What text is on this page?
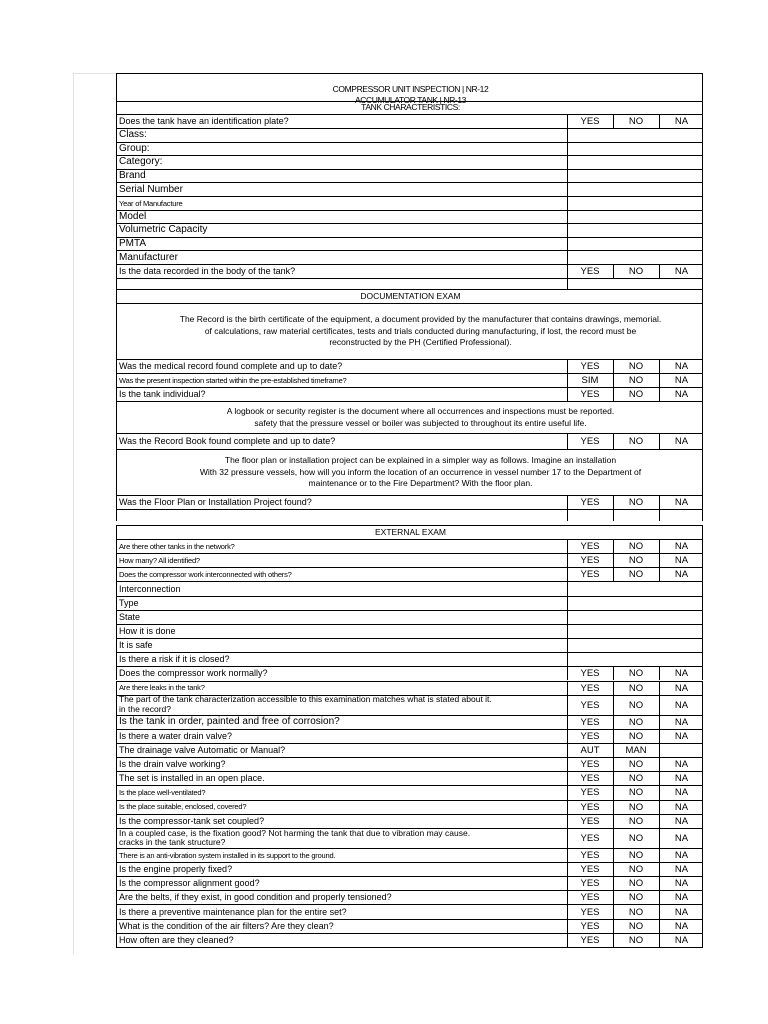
COMPRESSOR UNIT INSPECTION | NR-12
ACCUMULATOR TANK | NR-13
TANK CHARACTERISTICS:
Does the tank have an identification plate?	YES	NO	NA
Class:
Group:
Category:
Brand
Serial Number
Year of Manufacture
Model
Volumetric Capacity
PMTA
Manufacturer
Is the data recorded in the body of the tank?	YES	NO	NA
DOCUMENTATION EXAM
The Record is the birth certificate of the equipment, a document provided by the manufacturer that contains drawings, memorial.
of calculations, raw material certificates, tests and trials conducted during manufacturing, if lost, the record must be
reconstructed by the PH (Certified Professional).
Was the medical record found complete and up to date?	YES	NO	NA
Was the present inspection started within the pre-established timeframe?	SIM	NO	NA
Is the tank individual?	YES	NO	NA
A logbook or security register is the document where all occurrences and inspections must be reported.
safety that the pressure vessel or boiler was subjected to throughout its entire useful life.
Was the Record Book found complete and up to date?	YES	NO	NA
The floor plan or installation project can be explained in a simpler way as follows. Imagine an installation
With 32 pressure vessels, how will you inform the location of an occurrence in vessel number 17 to the Department of
maintenance or to the Fire Department? With the floor plan.
Was the Floor Plan or Installation Project found?	YES	NO	NA
EXTERNAL EXAM
Are there other tanks in the network?	YES	NO	NA
How many? All identified?	YES	NO	NA
Does the compressor work interconnected with others?	YES	NO	NA
Interconnection
Type
State
How it is done
It is safe
Is there a risk if it is closed?
Does the compressor work normally?	YES	NO	NA
Are there leaks in the tank?	YES	NO	NA
The part of the tank characterization accessible to this examination matches what is stated about it.
in the record?	YES	NO	NA
Is the tank in order, painted and free of corrosion?	YES	NO	NA
Is there a water drain valve?	YES	NO	NA
The drainage valve Automatic or Manual?	AUT	MAN
Is the drain valve working?	YES	NO	NA
The set is installed in an open place.	YES	NO	NA
Is the place well-ventilated?	YES	NO	NA
Is the place suitable, enclosed, covered?	YES	NO	NA
Is the compressor-tank set coupled?	YES	NO	NA
In a coupled case, is the fixation good? Not harming the tank that due to vibration may cause.
cracks in the tank structure?	YES	NO	NA
There is an anti-vibration system installed in its support to the ground.	YES	NO	NA
Is the engine properly fixed?	YES	NO	NA
Is the compressor alignment good?	YES	NO	NA
Are the belts, if they exist, in good condition and properly tensioned?	YES	NO	NA
Is there a preventive maintenance plan for the entire set?	YES	NO	NA
What is the condition of the air filters? Are they clean?	YES	NO	NA
How often are they cleaned?	YES	NO	NA
